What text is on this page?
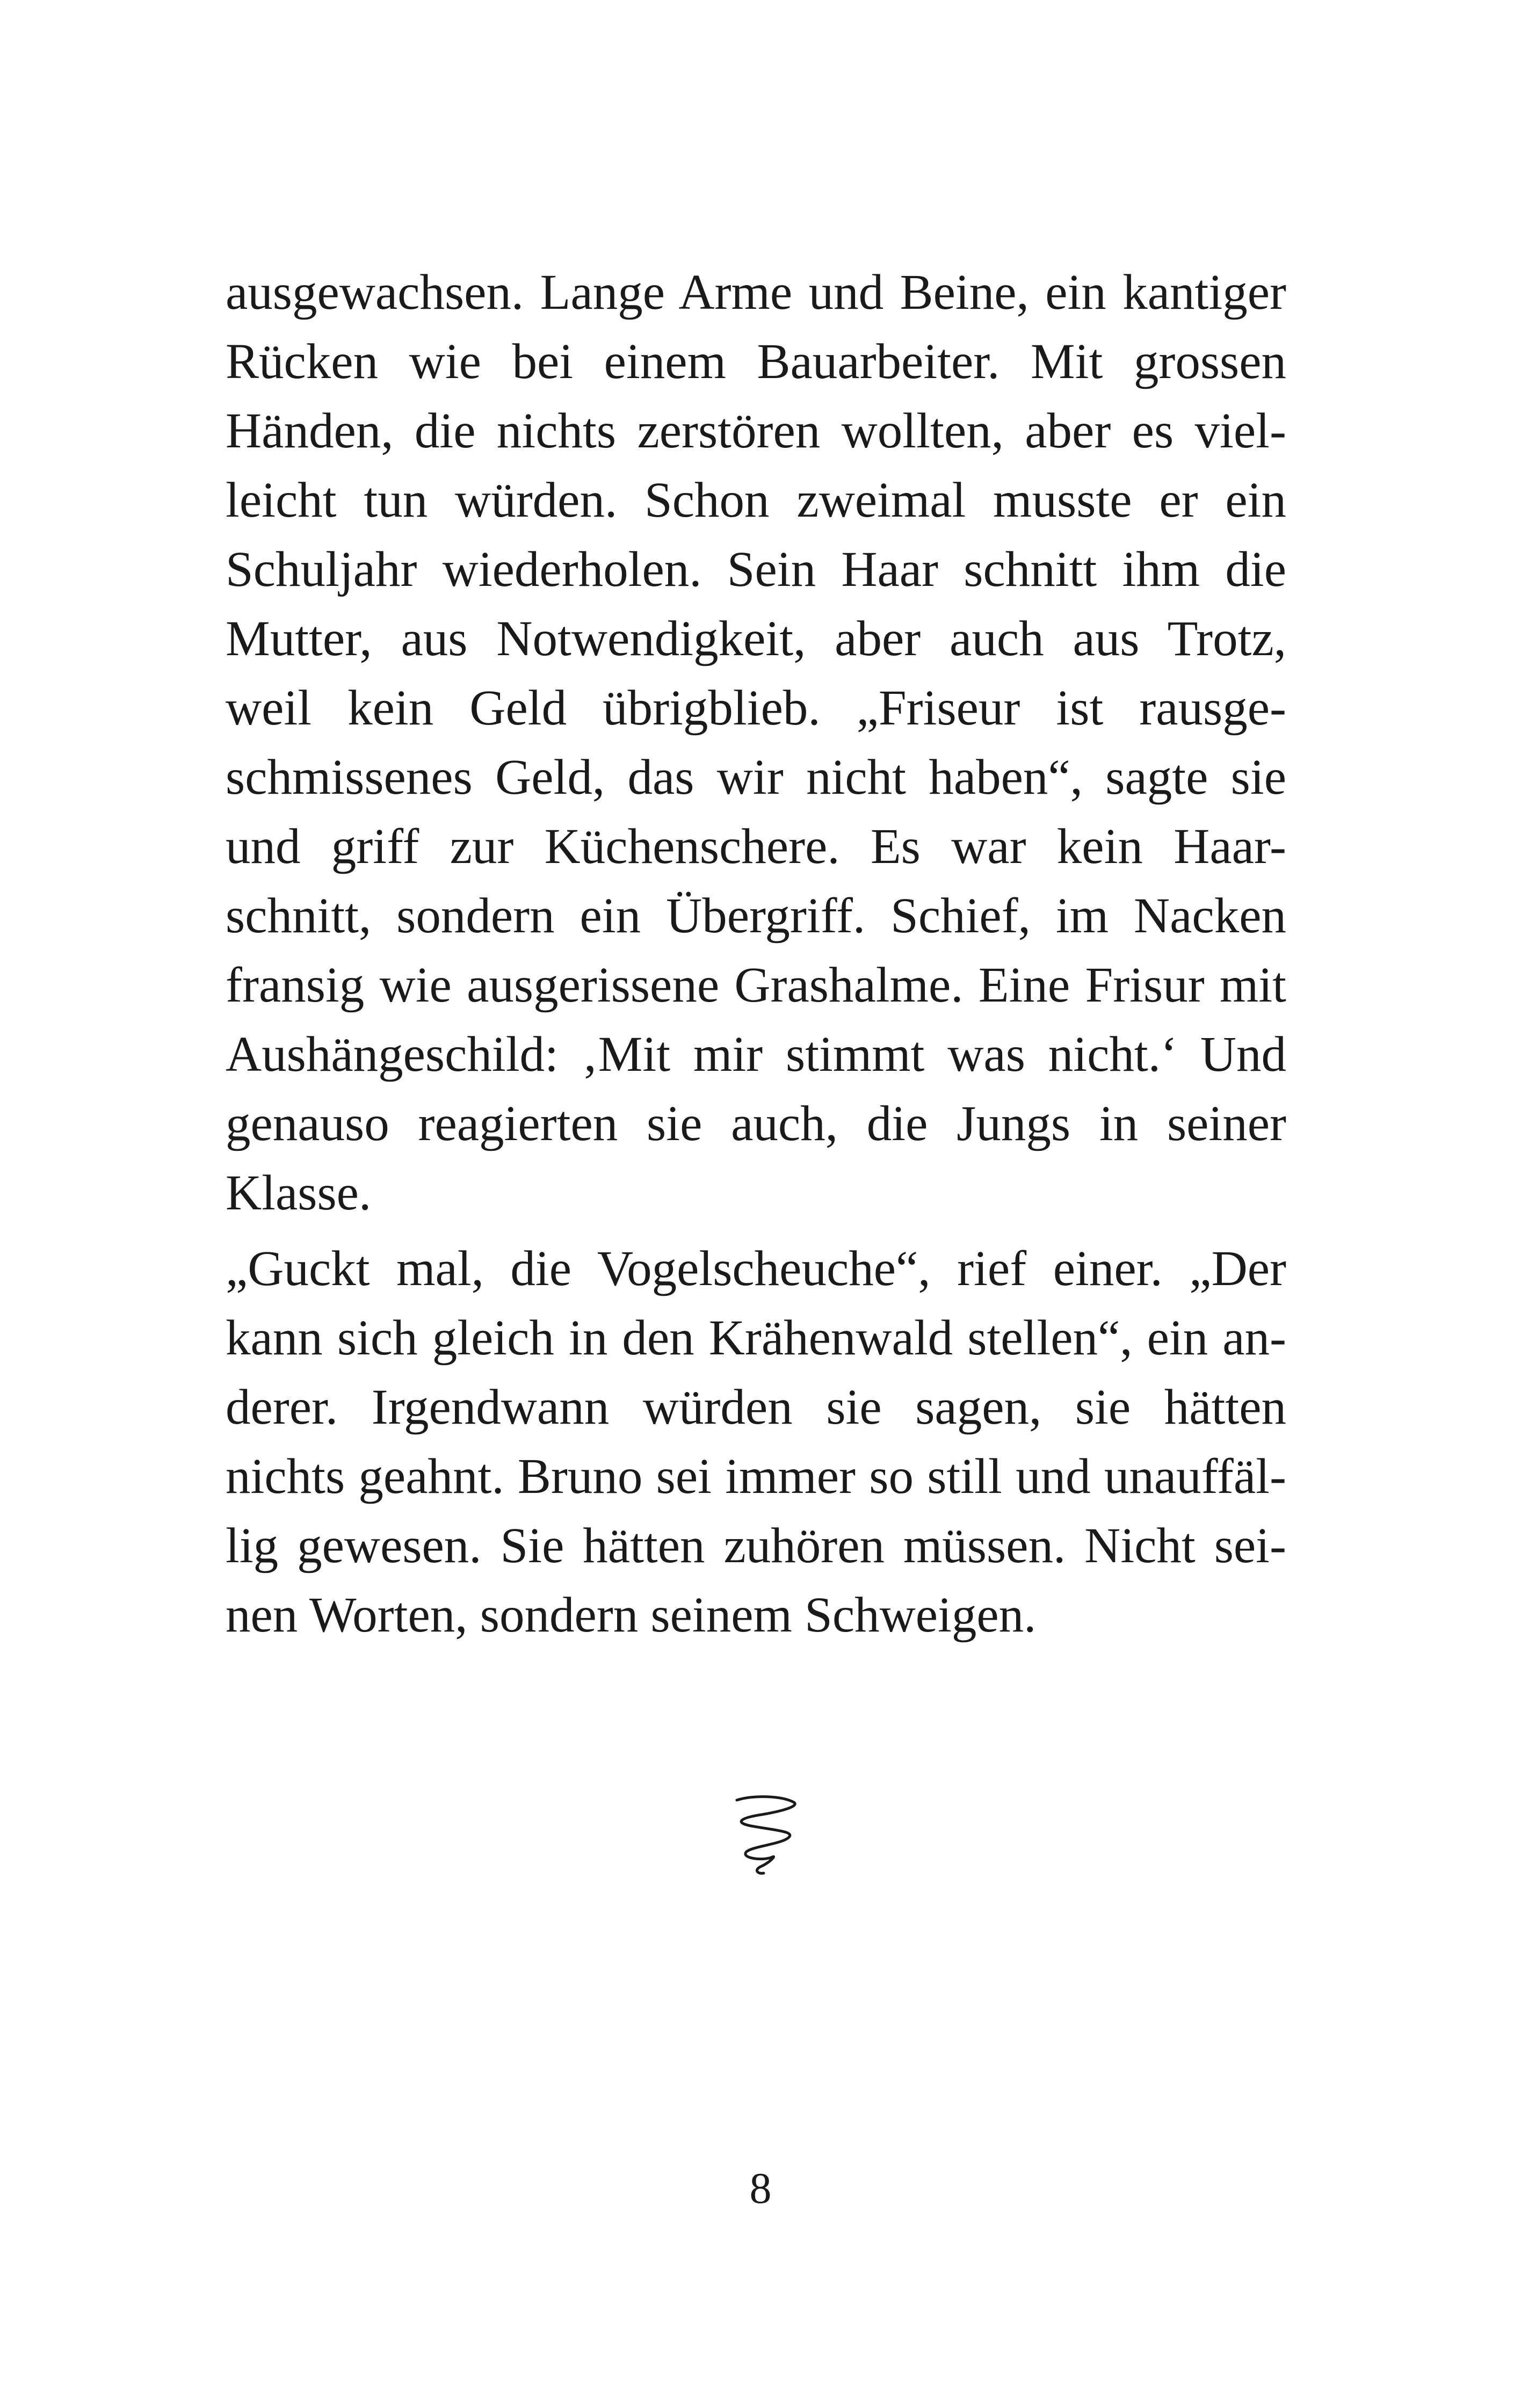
ausgewachsen. Lange Arme und Beine, ein kantiger
Rücken wie bei einem Bauarbeiter. Mit grossen
Händen, die nichts zerstören wollten, aber es viel-
leicht tun würden. Schon zweimal musste er ein
Schuljahr wiederholen. Sein Haar schnitt ihm die
Mutter, aus Notwendigkeit, aber auch aus Trotz,
weil kein Geld übrigblieb. „Friseur ist rausge-
schmissenes Geld, das wir nicht haben“, sagte sie
und griff zur Küchenschere. Es war kein Haar-
schnitt, sondern ein Übergriff. Schief, im Nacken
fransig wie ausgerissene Grashalme. Eine Frisur mit
Aushängeschild: ‚Mit mir stimmt was nicht.‘ Und
genauso reagierten sie auch, die Jungs in seiner
Klasse.
„Guckt mal, die Vogelscheuche“, rief einer. „Der
kann sich gleich in den Krähenwald stellen“, ein an-
derer. Irgendwann würden sie sagen, sie hätten
nichts geahnt. Bruno sei immer so still und unauffäl-
lig gewesen. Sie hätten zuhören müssen. Nicht sei-
nen Worten, sondern seinem Schweigen.
8
